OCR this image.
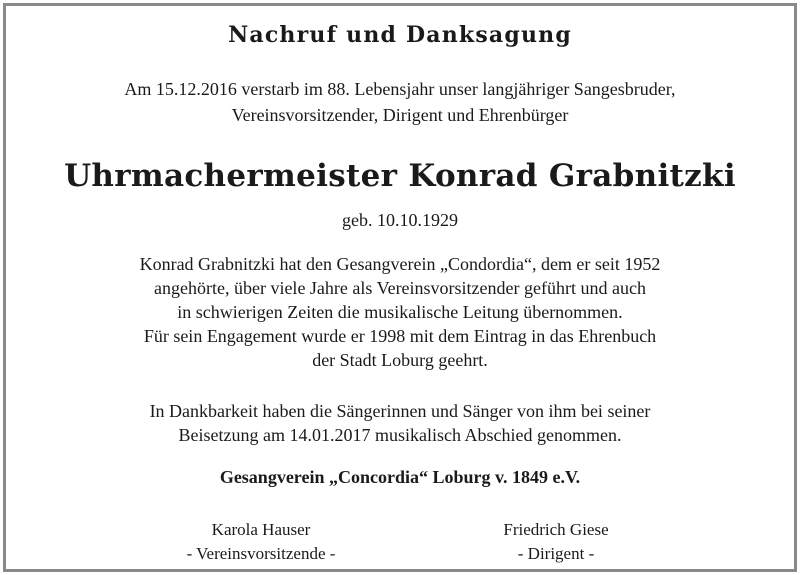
Nachruf und Danksagung
Am 15.12.2016 verstarb im 88. Lebensjahr unser langjähriger Sangesbruder,
Vereinsvorsitzender, Dirigent und Ehrenbürger
Uhrmachermeister Konrad Grabnitzki
geb. 10.10.1929
Konrad Grabnitzki hat den Gesangverein „Condordia“, dem er seit 1952
angehörte, über viele Jahre als Vereinsvorsitzender geführt und auch
in schwierigen Zeiten die musikalische Leitung übernommen.
Für sein Engagement wurde er 1998 mit dem Eintrag in das Ehrenbuch
der Stadt Loburg geehrt.
In Dankbarkeit haben die Sängerinnen und Sänger von ihm bei seiner
Beisetzung am 14.01.2017 musikalisch Abschied genommen.
Gesangverein „Concordia“ Loburg v. 1849 e.V.
Karola Hauser
- Vereinsvorsitzende -
Friedrich Giese
- Dirigent -
